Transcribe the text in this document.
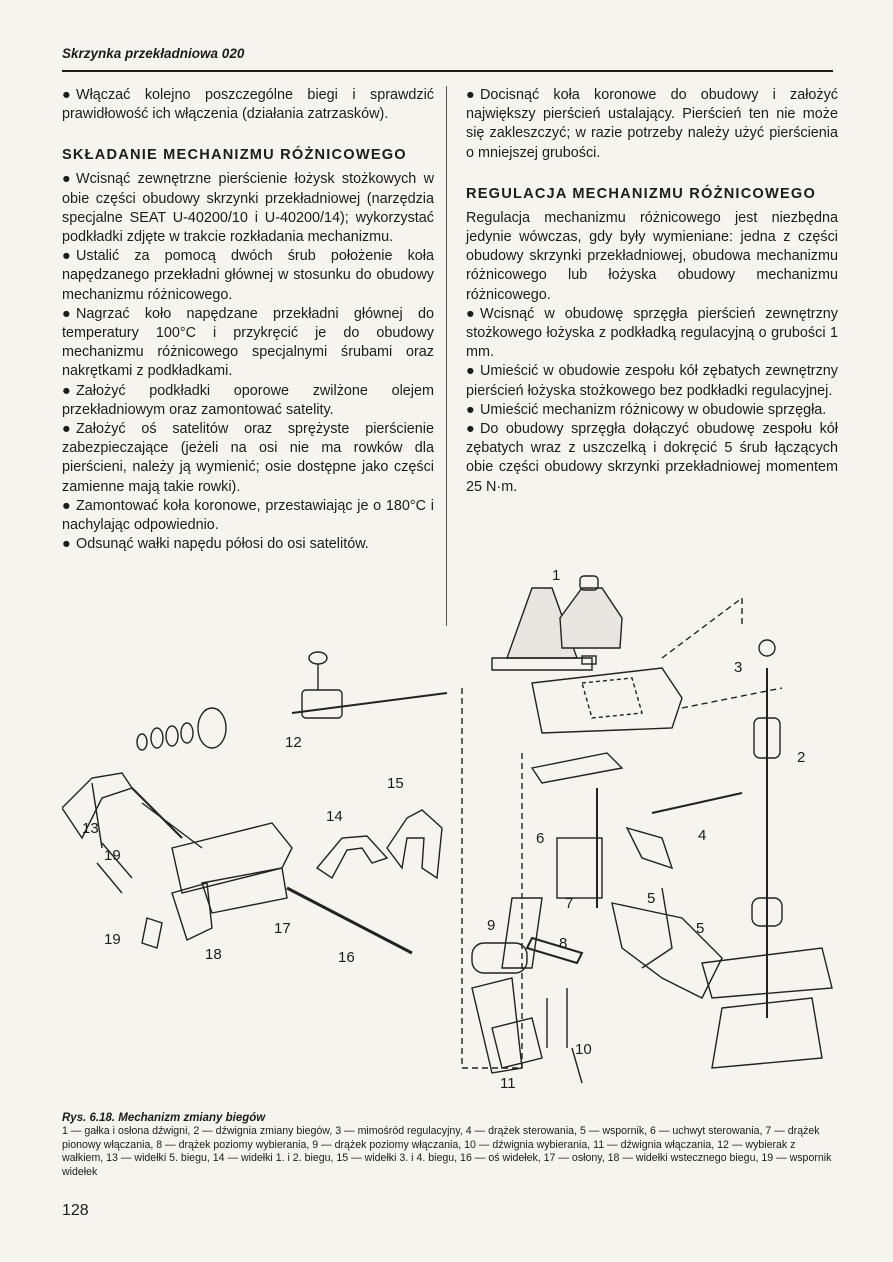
Skrzynka przekładniowa 020

● Włączać kolejno poszczególne biegi i sprawdzić prawidłowość ich włączenia (działania zatrzasków).

SKŁADANIE MECHANIZMU RÓŻNICOWEGO

● Wcisnąć zewnętrzne pierścienie łożysk stożkowych w obie części obudowy skrzynki przekładniowej (narzędzia specjalne SEAT U-40200/10 i U-40200/14); wykorzystać podkładki zdjęte w trakcie rozkładania mechanizmu.

● Ustalić za pomocą dwóch śrub położenie koła napędzanego przekładni głównej w stosunku do obudowy mechanizmu różnicowego.

● Nagrzać koło napędzane przekładni głównej do temperatury 100°C i przykręcić je do obudowy mechanizmu różnicowego specjalnymi śrubami oraz nakrętkami z podkładkami.

● Założyć podkładki oporowe zwilżone olejem przekładniowym oraz zamontować satelity.

● Założyć oś satelitów oraz sprężyste pierścienie zabezpieczające (jeżeli na osi nie ma rowków dla pierścieni, należy ją wymienić; osie dostępne jako części zamienne mają takie rowki).

● Zamontować koła koronowe, przestawiając je o 180°C i nachylając odpowiednio.

● Odsunąć wałki napędu półosi do osi satelitów.

● Docisnąć koła koronowe do obudowy i założyć największy pierścień ustalający. Pierścień ten nie może się zakleszczyć; w razie potrzeby należy użyć pierścienia o mniejszej grubości.

REGULACJA MECHANIZMU RÓŻNICOWEGO

Regulacja mechanizmu różnicowego jest niezbędna jedynie wówczas, gdy były wymieniane: jedna z części obudowy skrzynki przekładniowej, obudowa mechanizmu różnicowego lub łożyska obudowy mechanizmu różnicowego.

● Wcisnąć w obudowę sprzęgła pierścień zewnętrzny stożkowego łożyska z podkładką regulacyjną o grubości 1 mm.

● Umieścić w obudowie zespołu kół zębatych zewnętrzny pierścień łożyska stożkowego bez podkładki regulacyjnej.

● Umieścić mechanizm różnicowy w obudowie sprzęgła.

● Do obudowy sprzęgła dołączyć obudowę zespołu kół zębatych wraz z uszczelką i dokręcić 5 śrub łączących obie części obudowy skrzynki przekładniowej momentem 25 N·m.

1
2
3
4
5
5
6
7
8
9
10
11
12
13
14
15
16
17
18
19
19
Rys. 6.18. Mechanizm zmiany biegów
1 — gałka i osłona dźwigni, 2 — dźwignia zmiany biegów, 3 — mimośród regulacyjny, 4 — drążek sterowania, 5 — wspornik, 6 — uchwyt sterowania, 7 — drążek pionowy włączania, 8 — drążek poziomy wybierania, 9 — drążek poziomy włączania, 10 — dźwignia wybierania, 11 — dźwignia włączania, 12 — wybierak z wałkiem, 13 — widełki 5. biegu, 14 — widełki 1. i 2. biegu, 15 — widełki 3. i 4. biegu, 16 — oś widełek, 17 — osłony, 18 — widełki wstecznego biegu, 19 — wspornik widełek
128
